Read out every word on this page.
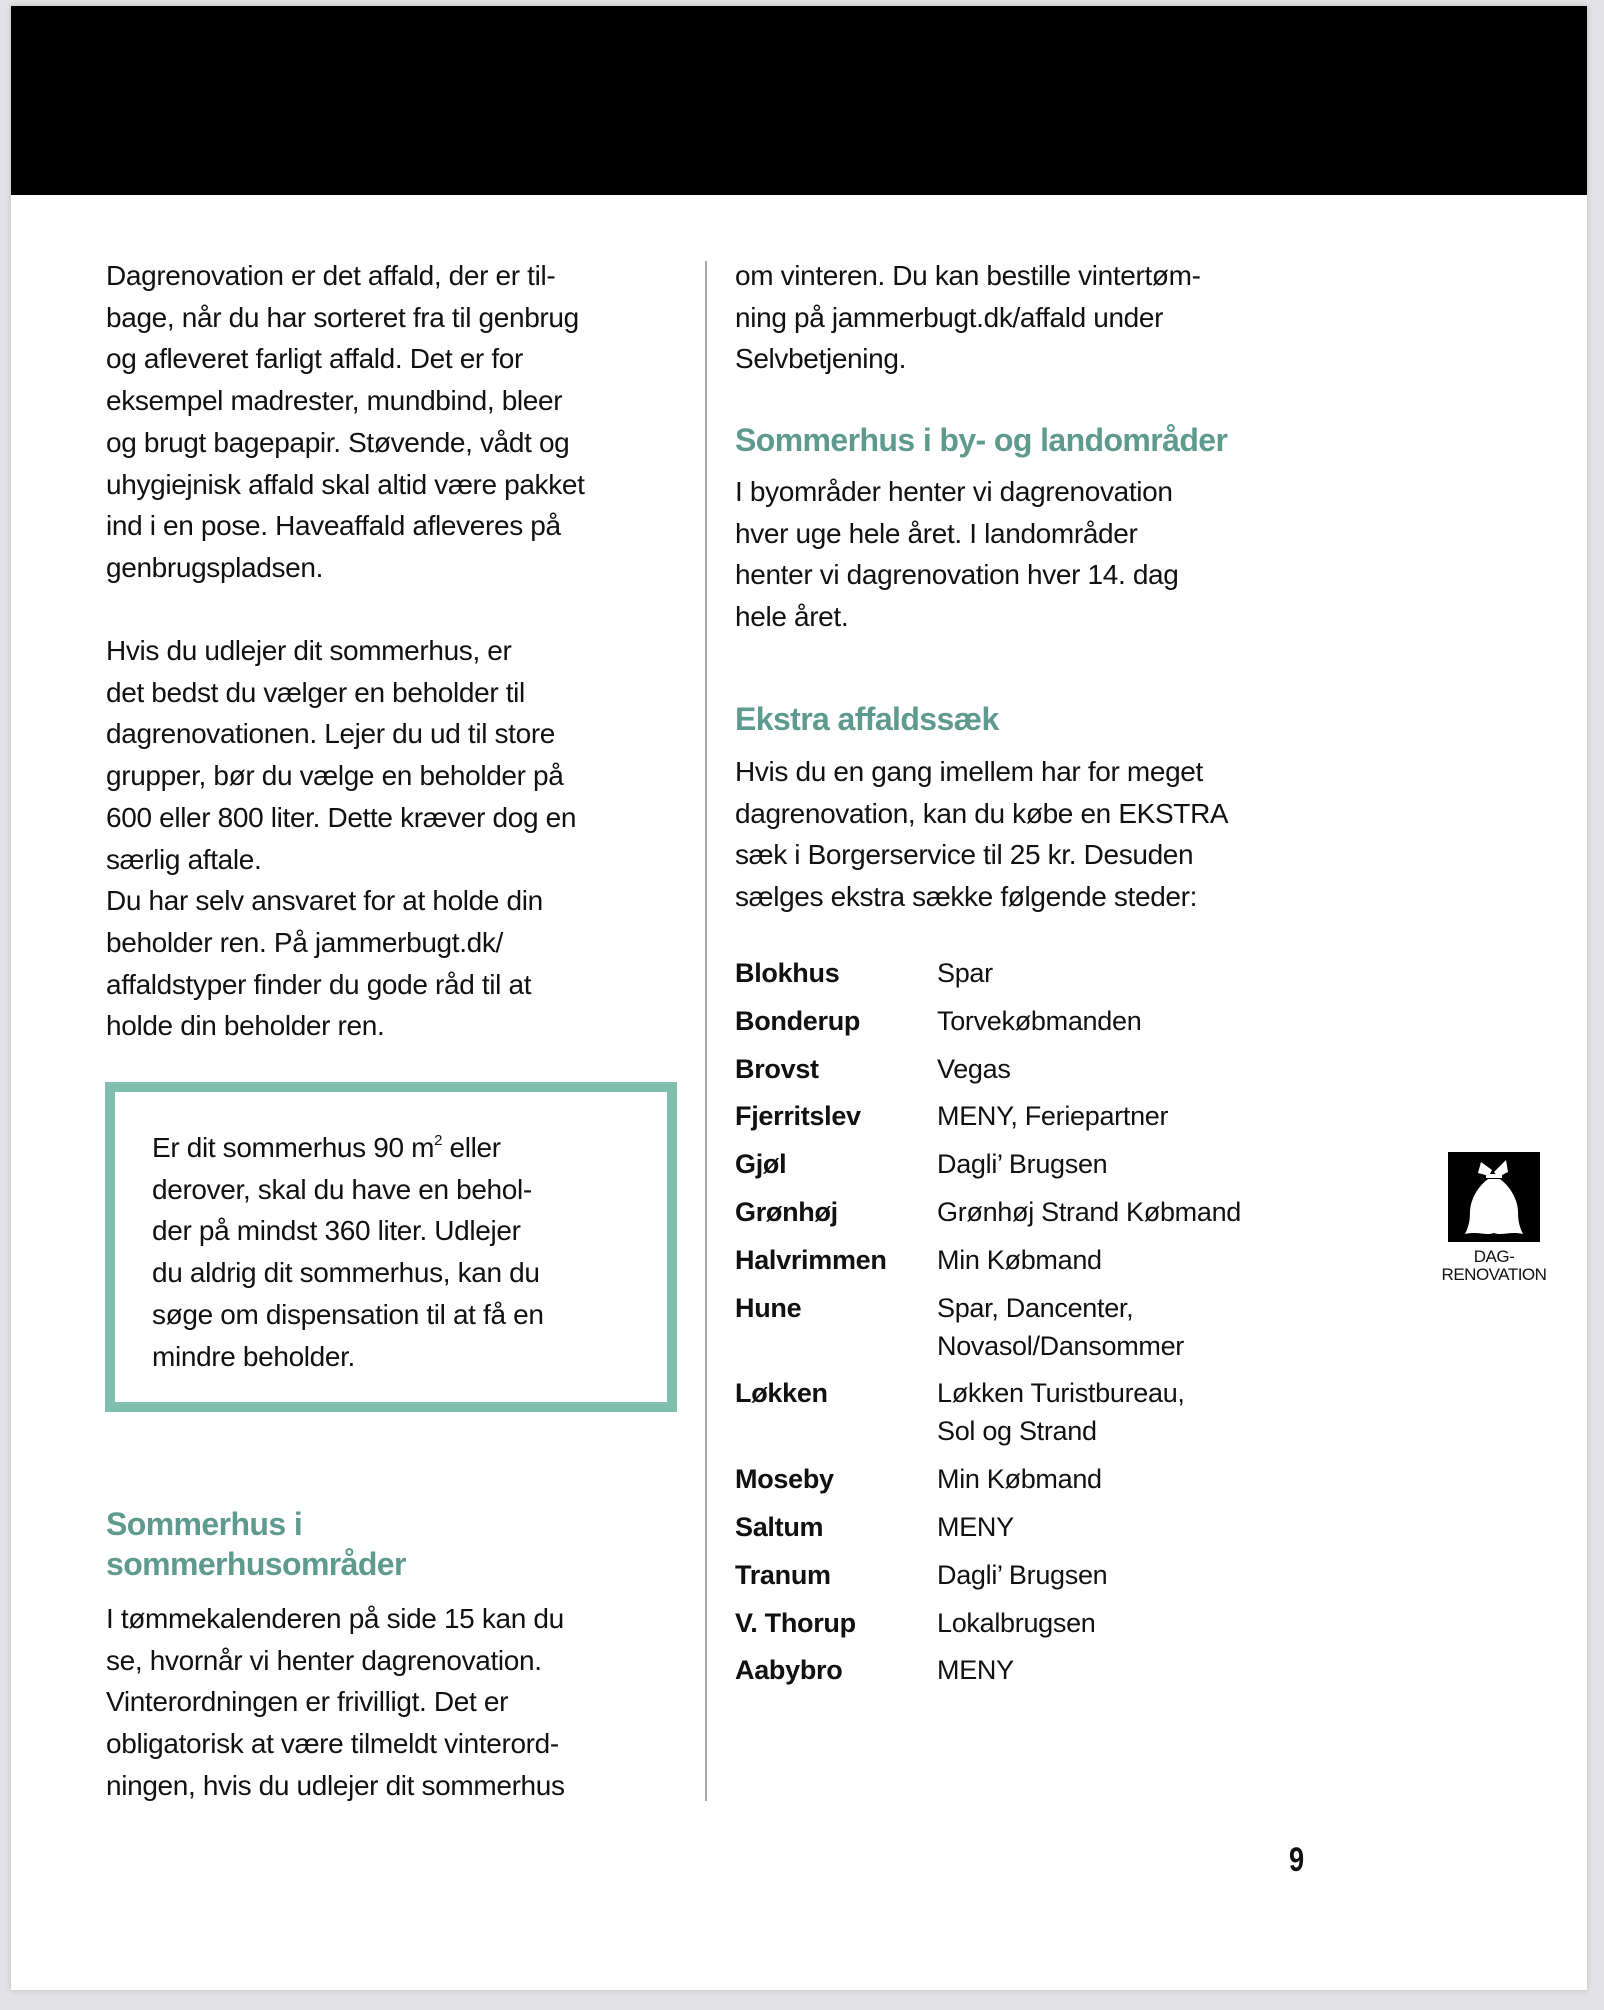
Dagrenovation er det affald, der er til-
bage, når du har sorteret fra til genbrug
og afleveret farligt affald. Det er for
eksempel madrester, mundbind, bleer
og brugt bagepapir. Støvende, vådt og
uhygiejnisk affald skal altid være pakket
ind i en pose. Haveaffald afleveres på
genbrugspladsen.
Hvis du udlejer dit sommerhus, er
det bedst du vælger en beholder til
dagrenovationen. Lejer du ud til store
grupper, bør du vælge en beholder på
600 eller 800 liter. Dette kræver dog en
særlig aftale.
Du har selv ansvaret for at holde din
beholder ren. På jammerbugt.dk/
affaldstyper finder du gode råd til at
holde din beholder ren.
Er dit sommerhus 90 $m^2$ eller
derover, skal du have en behol-
der på mindst 360 liter. Udlejer
du aldrig dit sommerhus, kan du
søge om dispensation til at få en
mindre beholder.
Sommerhus i
sommerhusområder
I tømmekalenderen på side 15 kan du
se, hvornår vi henter dagrenovation.
Vinterordningen er frivilligt. Det er
obligatorisk at være tilmeldt vinterord-
ningen, hvis du udlejer dit sommerhus
om vinteren. Du kan bestille vintertøm-
ning på jammerbugt.dk/affald under
Selvbetjening.
Sommerhus i by- og landområder
I byområder henter vi dagrenovation
hver uge hele året. I landområder
henter vi dagrenovation hver 14. dag
hele året.
Ekstra affaldssæk
Hvis du en gang imellem har for meget
dagrenovation, kan du købe en EKSTRA
sæk i Borgerservice til 25 kr. Desuden
sælges ekstra sække følgende steder:
Blokhus	Spar
Bonderup	Torvekøbmanden
Brovst	Vegas
Fjerritslev	MENY, Feriepartner
Gjøl	Dagli’ Brugsen
Grønhøj	Grønhøj Strand Købmand
Halvrimmen	Min Købmand
Hune	Spar, Dancenter,
Novasol/Dansommer
Løkken	Løkken Turistbureau,
Sol og Strand
Moseby	Min Købmand
Saltum	MENY
Tranum	Dagli’ Brugsen
V. Thorup	Lokalbrugsen
Aabybro	MENY
DAG-
RENOVATION
9
